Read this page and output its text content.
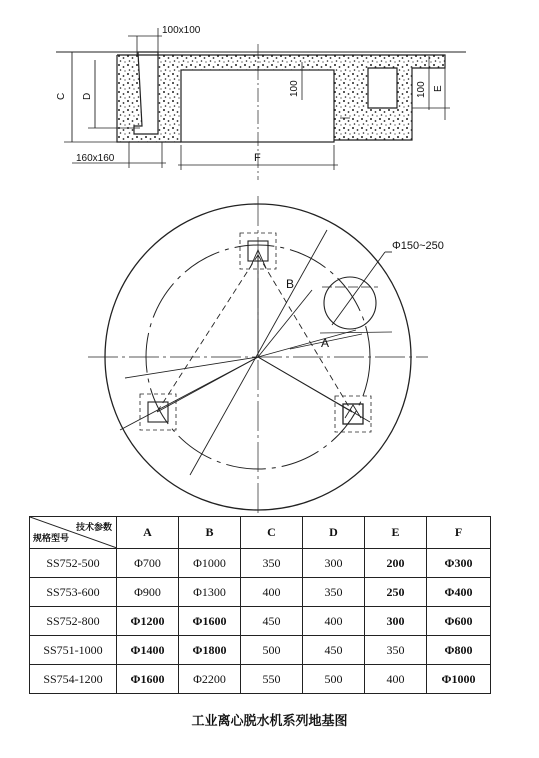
100x100
160x160
C D
F
100	100 E
Φ150~250
A
B
技术参数
规格型号	A	B	C	D	E	F
SS752-500	Φ700	Φ1000	350	300	200	Φ300
SS753-600	Φ900	Φ1300	400	350	250	Φ400
SS752-800	Φ1200	Φ1600	450	400	300	Φ600
SS751-1000	Φ1400	Φ1800	500	450	350	Φ800
SS754-1200	Φ1600	Φ2200	550	500	400	Φ1000
工业离心脱水机系列地基图
